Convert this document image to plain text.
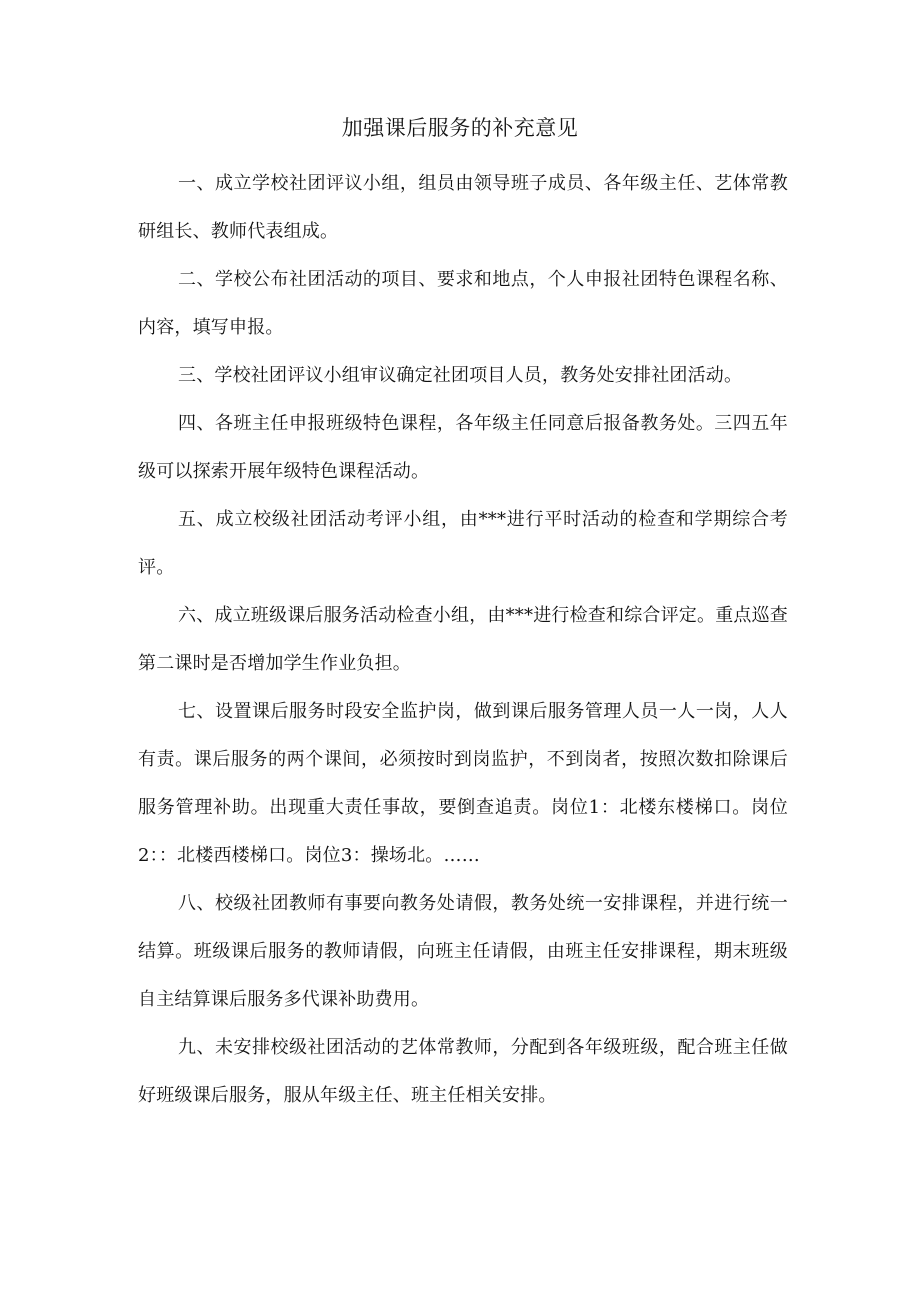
加强课后服务的补充意见

一、成立学校社团评议小组，组员由领导班子成员、各年级主任、艺体常教研组长、教师代表组成。

二、学校公布社团活动的项目、要求和地点，个人申报社团特色课程名称、内容，填写申报。

三、学校社团评议小组审议确定社团项目人员，教务处安排社团活动。

四、各班主任申报班级特色课程，各年级主任同意后报备教务处。三四五年级可以探索开展年级特色课程活动。

五、成立校级社团活动考评小组，由***进行平时活动的检查和学期综合考评。

六、成立班级课后服务活动检查小组，由***进行检查和综合评定。重点巡查第二课时是否增加学生作业负担。

七、设置课后服务时段安全监护岗，做到课后服务管理人员一人一岗，人人有责。课后服务的两个课间，必须按时到岗监护，不到岗者，按照次数扣除课后服务管理补助。出现重大责任事故，要倒查追责。岗位1：北楼东楼梯口。岗位2：：北楼西楼梯口。岗位3：操场北。……

八、校级社团教师有事要向教务处请假，教务处统一安排课程，并进行统一结算。班级课后服务的教师请假，向班主任请假，由班主任安排课程，期末班级自主结算课后服务多代课补助费用。

九、未安排校级社团活动的艺体常教师，分配到各年级班级，配合班主任做好班级课后服务，服从年级主任、班主任相关安排。
